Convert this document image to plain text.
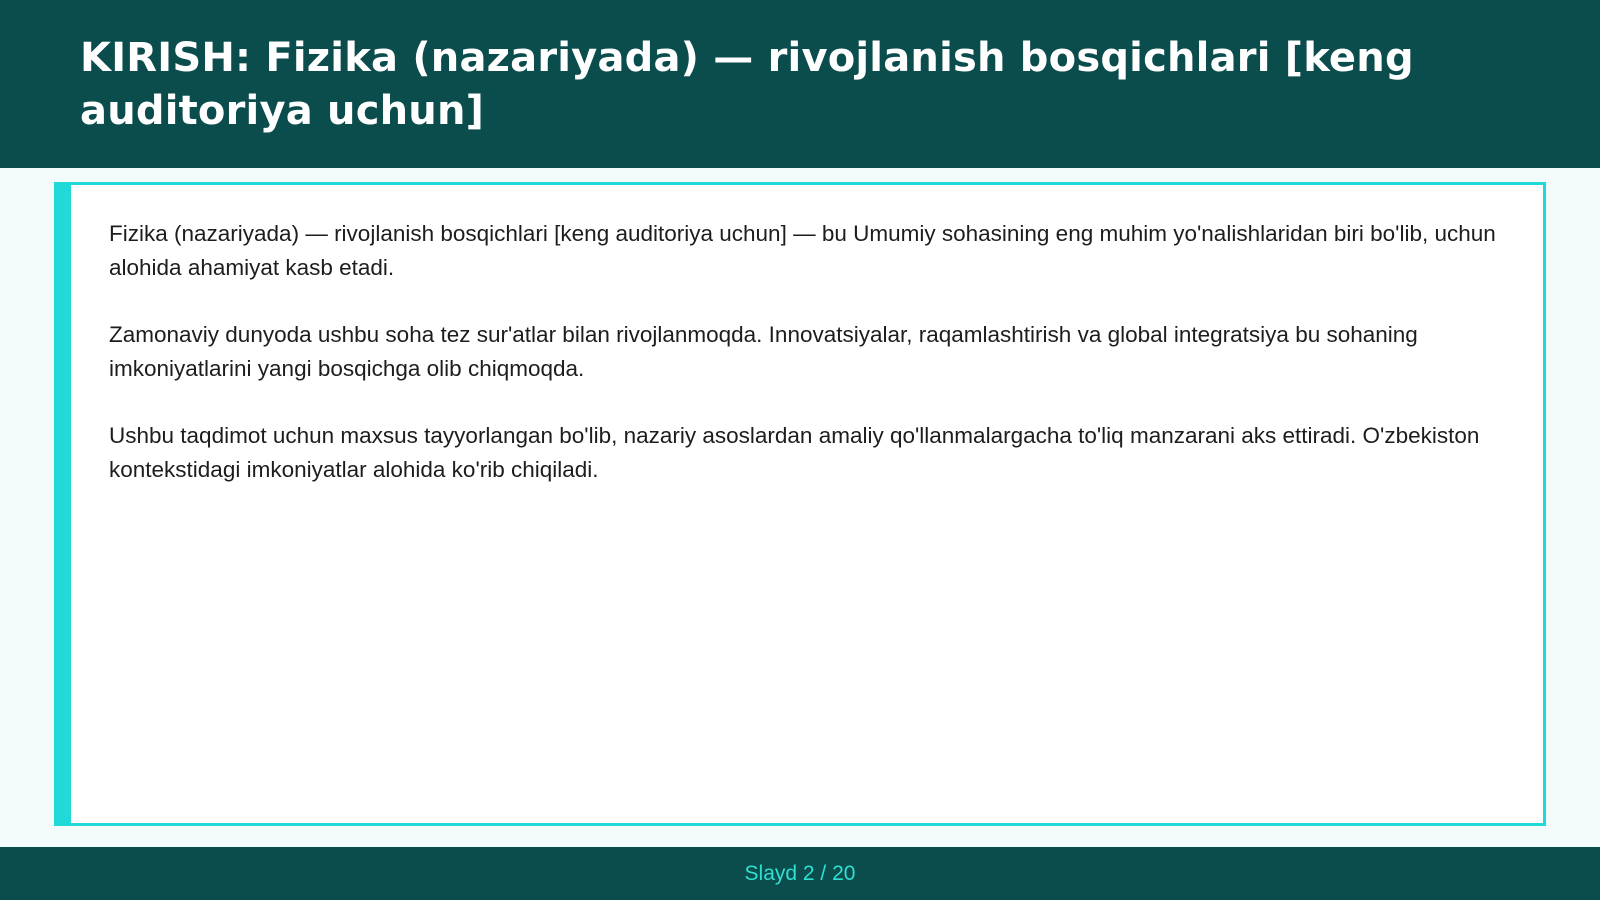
KIRISH: Fizika (nazariyada) — rivojlanish bosqichlari [keng auditoriya uchun]

Fizika (nazariyada) — rivojlanish bosqichlari [keng auditoriya uchun] — bu Umumiy sohasining eng muhim yo'nalishlaridan biri bo'lib, uchun alohida ahamiyat kasb etadi.

Zamonaviy dunyoda ushbu soha tez sur'atlar bilan rivojlanmoqda. Innovatsiyalar, raqamlashtirish va global integratsiya bu sohaning imkoniyatlarini yangi bosqichga olib chiqmoqda.

Ushbu taqdimot uchun maxsus tayyorlangan bo'lib, nazariy asoslardan amaliy qo'llanmalargacha to'liq manzarani aks ettiradi. O'zbekiston kontekstidagi imkoniyatlar alohida ko'rib chiqiladi.

Slayd 2 / 20
